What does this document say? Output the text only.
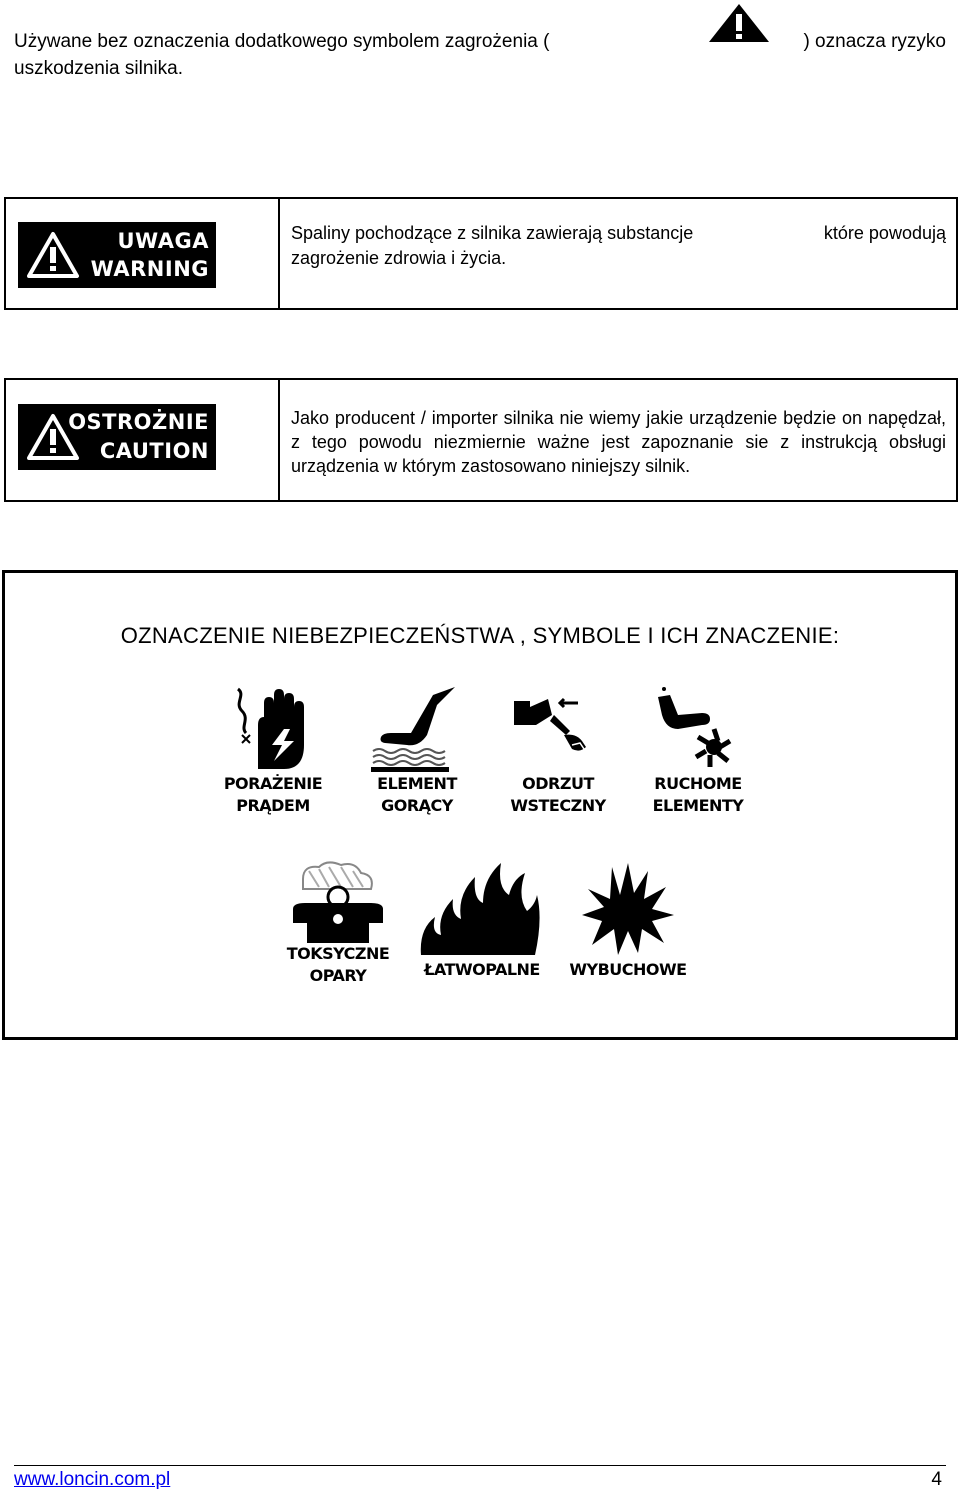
Używane bez oznaczenia dodatkowego symbolem zagrożenia (	) oznacza ryzyko
uszkodzenia silnika.
UWAGA
WARNING
Spaliny pochodzące z silnika zawierają substancje	które powodują
zagrożenie zdrowia i życia.
OSTROŻNIE
CAUTION
Jako producent / importer silnika nie wiemy jakie urządzenie będzie on napędzał, z tego powodu niezmiernie ważne jest zapoznanie sie z instrukcją obsługi urządzenia w którym zastosowano niniejszy silnik.
OZNACZENIE NIEBEZPIECZEŃSTWA , SYMBOLE I ICH ZNACZENIE:
PORAŻENIE
PRĄDEM
ELEMENT
GORĄCY
ODRZUT
WSTECZNY
RUCHOME
ELEMENTY
TOKSYCZNE
OPARY	ŁATWOPALNE	WYBUCHOWE
www.loncin.com.pl	4
